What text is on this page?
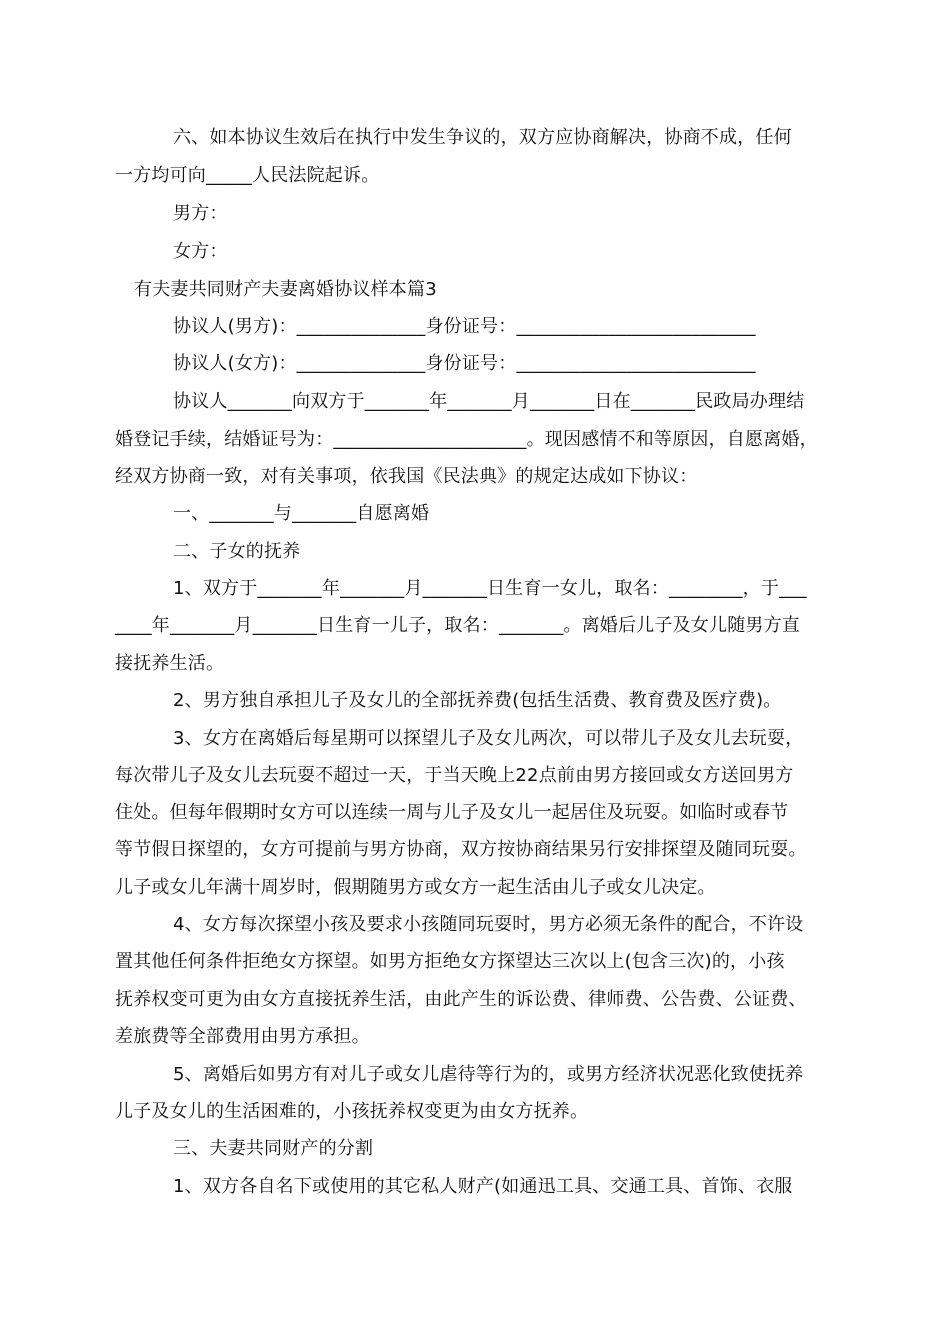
六、如本协议生效后在执行中发生争议的，双方应协商解决，协商不成，任何
一方均可向_____人民法院起诉。
男方：
女方：
有夫妻共同财产夫妻离婚协议样本篇3
协议人(男方)：______________身份证号：__________________________
协议人(女方)：______________身份证号：__________________________
协议人_______向双方于_______年_______月_______日在_______民政局办理结
婚登记手续，结婚证号为：_____________________。现因感情不和等原因，自愿离婚，
经双方协商一致，对有关事项，依我国《民法典》的规定达成如下协议：
一、_______与_______自愿离婚
二、子女的抚养
1、双方于_______年_______月_______日生育一女儿，取名：________，于___
____年_______月_______日生育一儿子，取名：_______。离婚后儿子及女儿随男方直
接抚养生活。
2、男方独自承担儿子及女儿的全部抚养费(包括生活费、教育费及医疗费)。
3、女方在离婚后每星期可以探望儿子及女儿两次，可以带儿子及女儿去玩耍，
每次带儿子及女儿去玩耍不超过一天，于当天晚上22点前由男方接回或女方送回男方
住处。但每年假期时女方可以连续一周与儿子及女儿一起居住及玩耍。如临时或春节
等节假日探望的，女方可提前与男方协商，双方按协商结果另行安排探望及随同玩耍。
儿子或女儿年满十周岁时，假期随男方或女方一起生活由儿子或女儿决定。
4、女方每次探望小孩及要求小孩随同玩耍时，男方必须无条件的配合，不许设
置其他任何条件拒绝女方探望。如男方拒绝女方探望达三次以上(包含三次)的，小孩
抚养权变可更为由女方直接抚养生活，由此产生的诉讼费、律师费、公告费、公证费、
差旅费等全部费用由男方承担。
5、离婚后如男方有对儿子或女儿虐待等行为的，或男方经济状况恶化致使抚养
儿子及女儿的生活困难的，小孩抚养权变更为由女方抚养。
三、夫妻共同财产的分割
1、双方各自名下或使用的其它私人财产(如通迅工具、交通工具、首饰、衣服
